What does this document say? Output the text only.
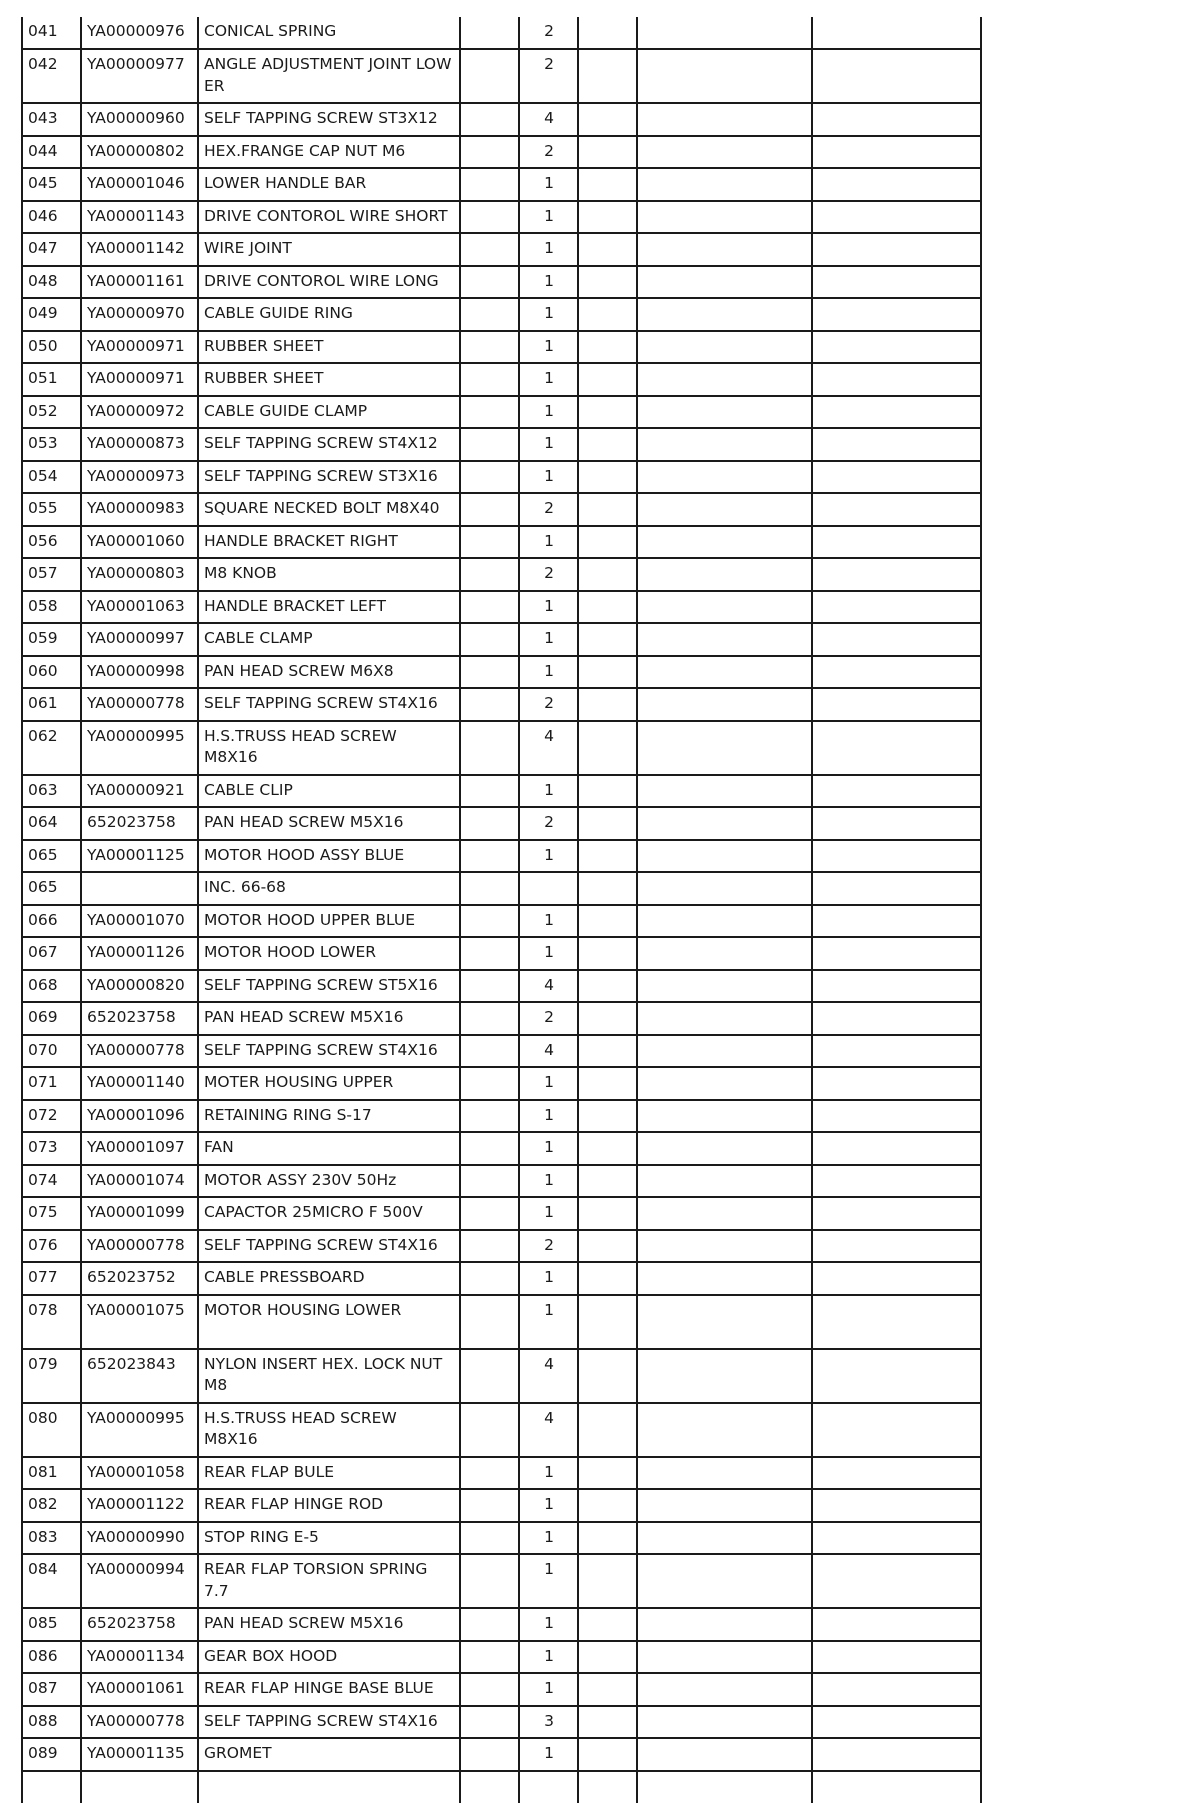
041	YA00000976	CONICAL SPRING		2			
042	YA00000977	ANGLE ADJUSTMENT JOINT LOW ER		2			
043	YA00000960	SELF TAPPING SCREW ST3X12		4			
044	YA00000802	HEX.FRANGE CAP NUT M6		2			
045	YA00001046	LOWER HANDLE BAR		1			
046	YA00001143	DRIVE CONTOROL WIRE SHORT		1			
047	YA00001142	WIRE JOINT		1			
048	YA00001161	DRIVE CONTOROL WIRE LONG		1			
049	YA00000970	CABLE GUIDE RING		1			
050	YA00000971	RUBBER SHEET		1			
051	YA00000971	RUBBER SHEET		1			
052	YA00000972	CABLE GUIDE CLAMP		1			
053	YA00000873	SELF TAPPING SCREW ST4X12		1			
054	YA00000973	SELF TAPPING SCREW ST3X16		1			
055	YA00000983	SQUARE NECKED BOLT M8X40		2			
056	YA00001060	HANDLE BRACKET RIGHT		1			
057	YA00000803	M8 KNOB		2			
058	YA00001063	HANDLE BRACKET LEFT		1			
059	YA00000997	CABLE CLAMP		1			
060	YA00000998	PAN HEAD SCREW M6X8		1			
061	YA00000778	SELF TAPPING SCREW ST4X16		2			
062	YA00000995	H.S.TRUSS HEAD SCREW M8X16		4			
063	YA00000921	CABLE CLIP		1			
064	652023758	PAN HEAD SCREW M5X16		2			
065	YA00001125	MOTOR HOOD ASSY BLUE		1			
065		INC. 66-68					
066	YA00001070	MOTOR HOOD UPPER BLUE		1			
067	YA00001126	MOTOR HOOD LOWER		1			
068	YA00000820	SELF TAPPING SCREW ST5X16		4			
069	652023758	PAN HEAD SCREW M5X16		2			
070	YA00000778	SELF TAPPING SCREW ST4X16		4			
071	YA00001140	MOTER HOUSING UPPER		1			
072	YA00001096	RETAINING RING S-17		1			
073	YA00001097	FAN		1			
074	YA00001074	MOTOR ASSY 230V 50Hz		1			
075	YA00001099	CAPACTOR 25MICRO F 500V		1			
076	YA00000778	SELF TAPPING SCREW ST4X16		2			
077	652023752	CABLE PRESSBOARD		1			
078	YA00001075	MOTOR HOUSING LOWER		1			
079	652023843	NYLON INSERT HEX. LOCK NUT M8		4			
080	YA00000995	H.S.TRUSS HEAD SCREW M8X16		4			
081	YA00001058	REAR FLAP BULE		1			
082	YA00001122	REAR FLAP HINGE ROD		1			
083	YA00000990	STOP RING E-5		1			
084	YA00000994	REAR FLAP TORSION SPRING 7.7		1			
085	652023758	PAN HEAD SCREW M5X16		1			
086	YA00001134	GEAR BOX HOOD		1			
087	YA00001061	REAR FLAP HINGE BASE BLUE		1			
088	YA00000778	SELF TAPPING SCREW ST4X16		3			
089	YA00001135	GROMET		1			
